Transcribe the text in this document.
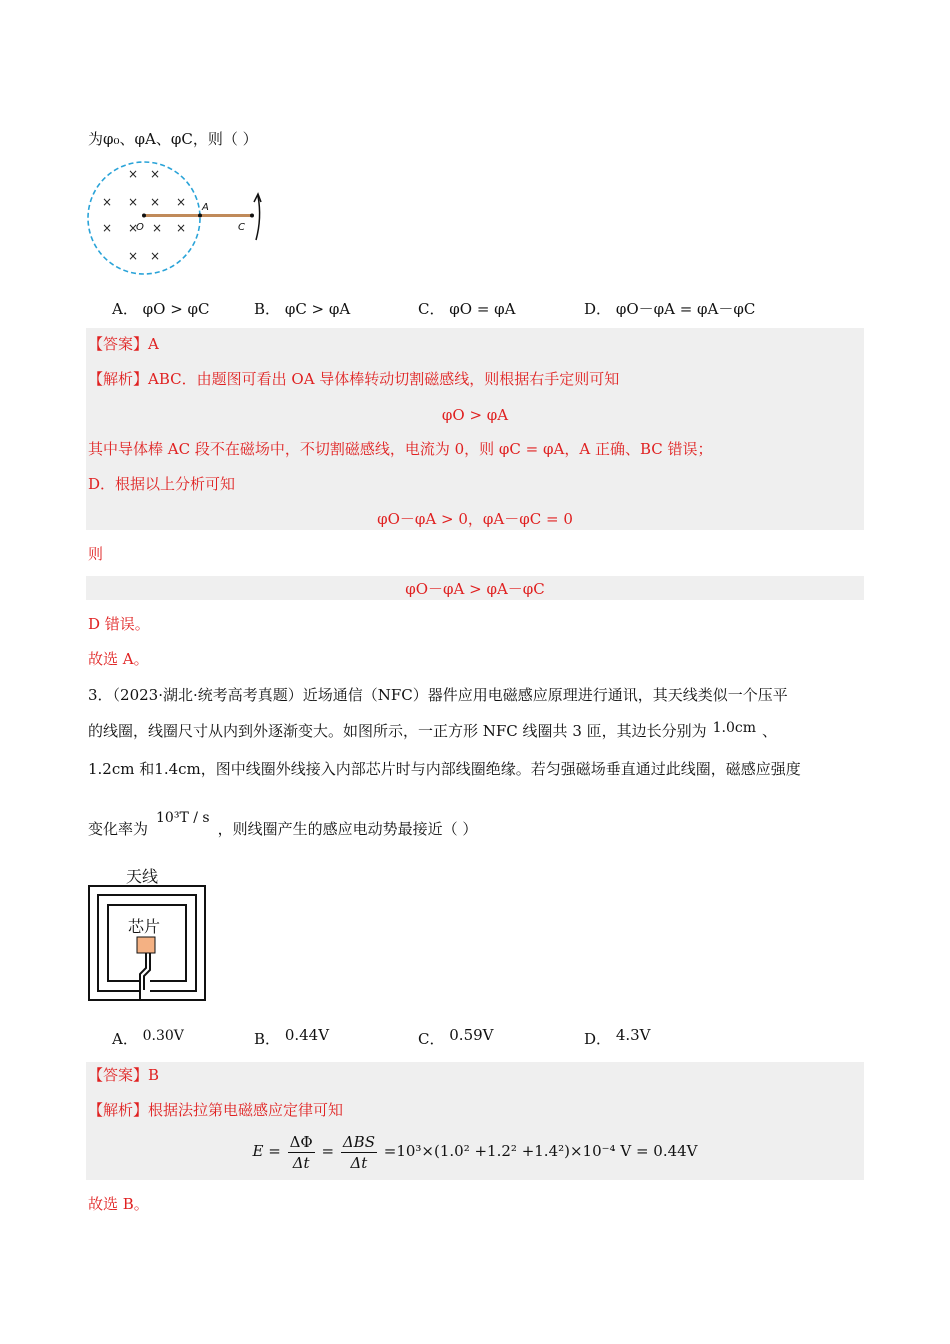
为φ₀、φA、φC，则（ ）
× ×
× × × ×
× × × ×
× ×
O
A
C
A． φO > φC	B． φC > φA	C． φO = φA	D． φO－φA = φA－φC
【答案】A
【解析】ABC．由题图可看出 OA 导体棒转动切割磁感线，则根据右手定则可知
φO > φA
其中导体棒 AC 段不在磁场中，不切割磁感线，电流为 0，则 φC = φA，A 正确、BC 错误；
D．根据以上分析可知
φO－φA > 0，φA－φC = 0
则
φO－φA > φA－φC
D 错误。
故选 A。
3．（2023·湖北·统考高考真题）近场通信（NFC）器件应用电磁感应原理进行通讯，其天线类似一个压平
的线圈，线圈尺寸从内到外逐渐变大。如图所示，一正方形 NFC 线圈共 3 匝，其边长分别为 1.0cm 、
1.2cm 和1.4cm，图中线圈外线接入内部芯片时与内部线圈绝缘。若匀强磁场垂直通过此线圈，磁感应强度
变化率为10³T / s，则线圈产生的感应电动势最接近（ ）
天线
芯片
A． 0.30V	B． 0.44V	C． 0.59V	D． 4.3V
【答案】B
【解析】根据法拉第电磁感应定律可知
$E = \frac{\Delta\Phi}{\Delta t} = \frac{\text{ΔBS}}{\Delta t} =10^3\times(1.0^2 +1.2^2 +1.4^2)\times 10^{-4}$ V = 0.44V
故选 B。
